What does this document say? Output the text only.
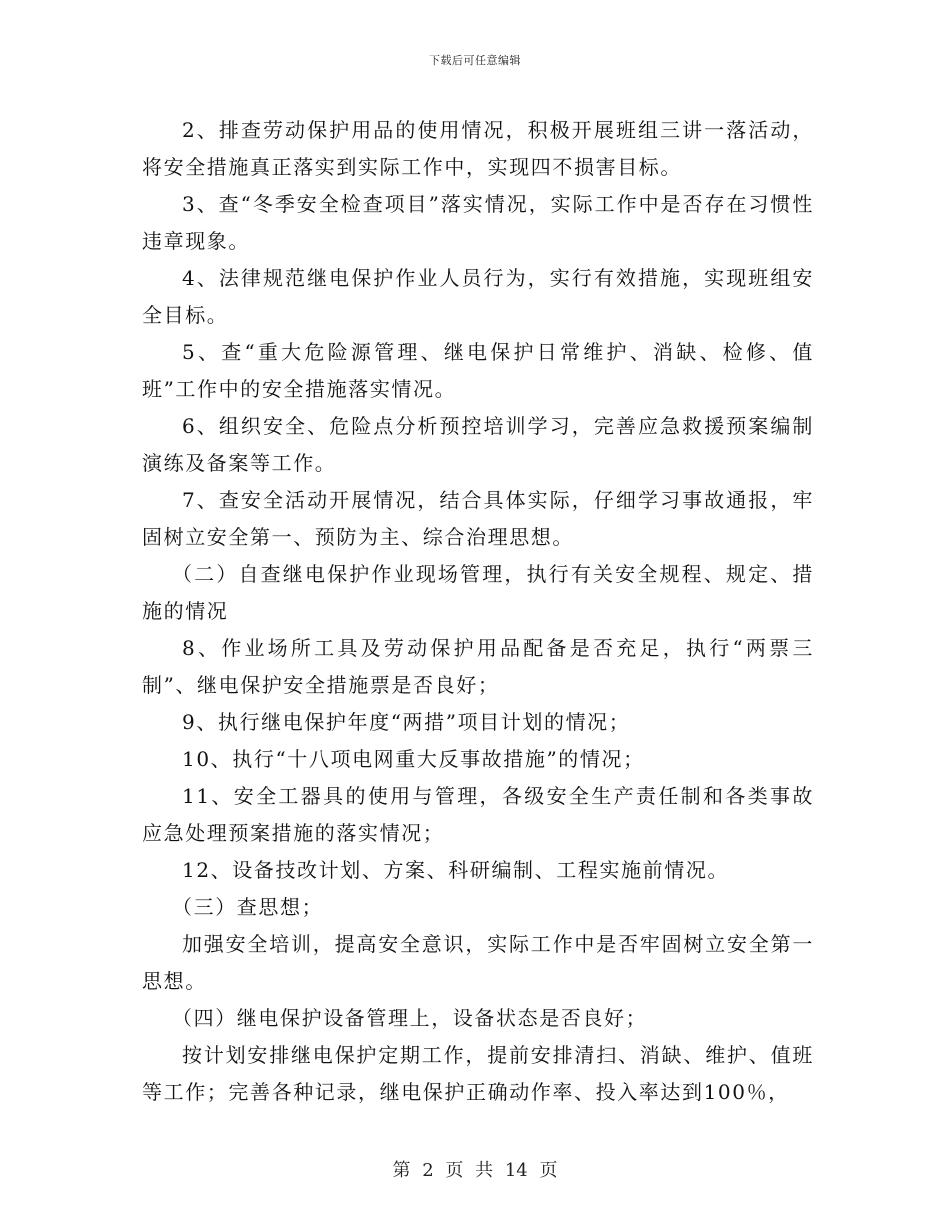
下载后可任意编辑

2、排查劳动保护用品的使用情况，积极开展班组三讲一落活动，将安全措施真正落实到实际工作中，实现四不损害目标。

3、查“冬季安全检查项目”落实情况，实际工作中是否存在习惯性违章现象。

4、法律规范继电保护作业人员行为，实行有效措施，实现班组安全目标。

5、查“重大危险源管理、继电保护日常维护、消缺、检修、值班”工作中的安全措施落实情况。

6、组织安全、危险点分析预控培训学习，完善应急救援预案编制演练及备案等工作。

7、查安全活动开展情况，结合具体实际，仔细学习事故通报，牢固树立安全第一、预防为主、综合治理思想。

（二）自查继电保护作业现场管理，执行有关安全规程、规定、措施的情况

8、作业场所工具及劳动保护用品配备是否充足，执行“两票三制”、继电保护安全措施票是否良好；

9、执行继电保护年度“两措”项目计划的情况；

10、执行“十八项电网重大反事故措施”的情况；

11、安全工器具的使用与管理，各级安全生产责任制和各类事故应急处理预案措施的落实情况；

12、设备技改计划、方案、科研编制、工程实施前情况。

（三）查思想；

加强安全培训，提高安全意识，实际工作中是否牢固树立安全第一思想。

（四）继电保护设备管理上，设备状态是否良好；

按计划安排继电保护定期工作，提前安排清扫、消缺、维护、值班等工作；完善各种记录，继电保护正确动作率、投入率达到100％，

第 2 页 共 14 页
